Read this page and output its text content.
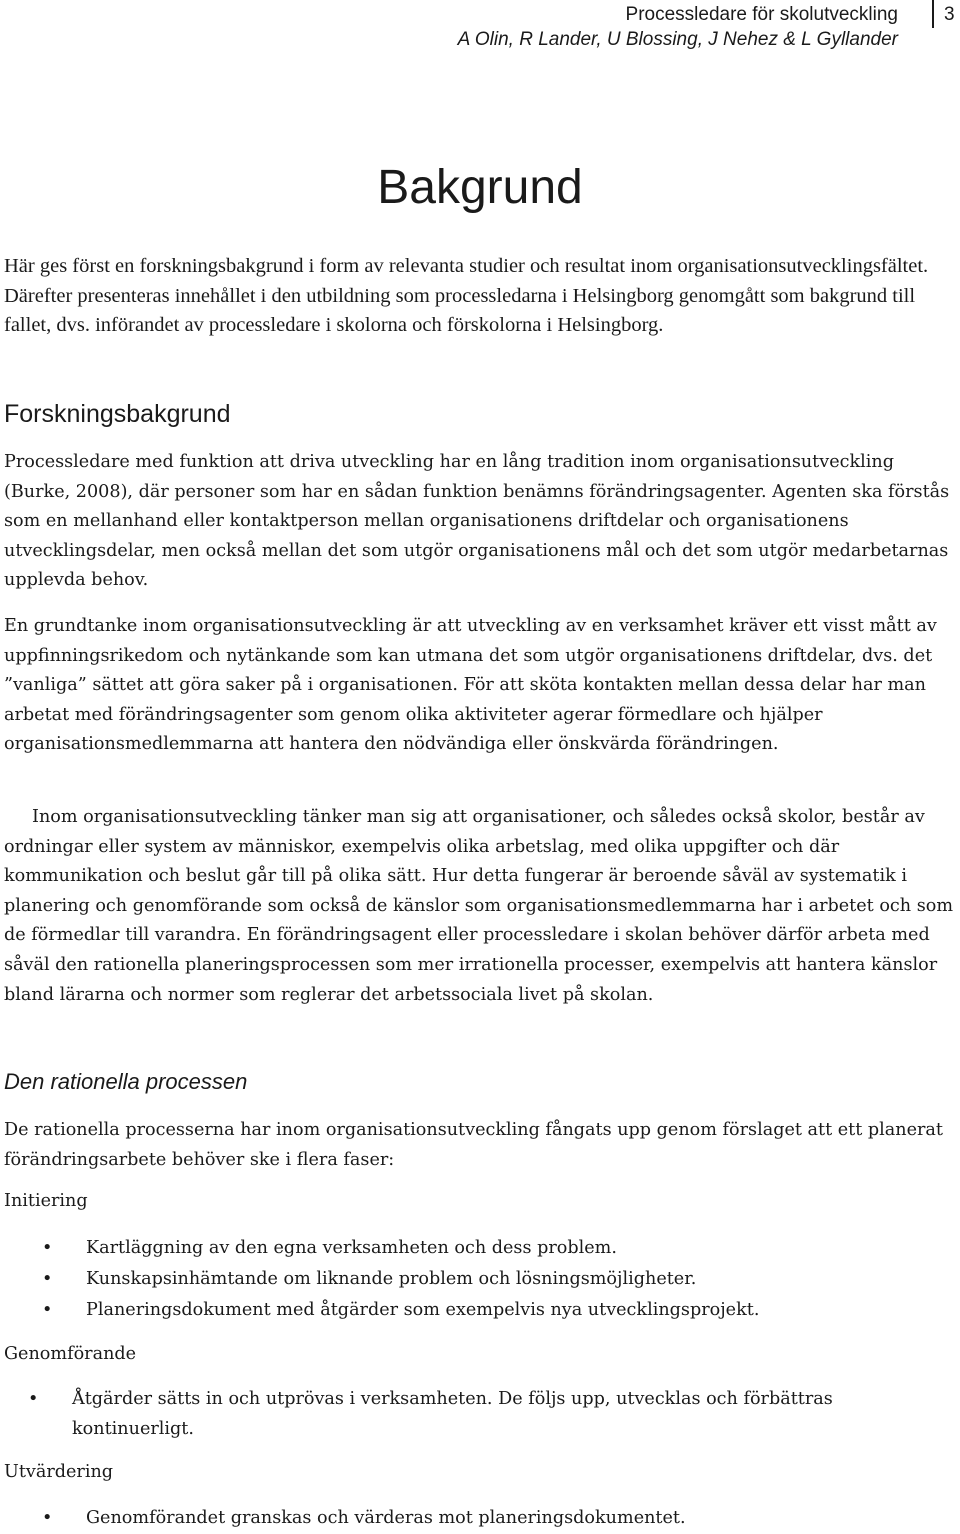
Processledare för skolutveckling
A Olin, R Lander, U Blossing, J Nehez & L Gyllander
3
Bakgrund
Här ges först en forskningsbakgrund i form av relevanta studier och resultat inom organisationsutvecklingsfältet. Därefter presenteras innehållet i den utbildning som processledarna i Helsingborg genomgått som bakgrund till fallet, dvs. införandet av processledare i skolorna och förskolorna i Helsingborg.
Forskningsbakgrund
Processledare med funktion att driva utveckling har en lång tradition inom organisationsutveckling (Burke, 2008), där personer som har en sådan funktion benämns förändringsagenter. Agenten ska förstås som en mellanhand eller kontaktperson mellan organisationens driftdelar och organisationens utvecklingsdelar, men också mellan det som utgör organisationens mål och det som utgör medarbetarnas upplevda behov.
En grundtanke inom organisationsutveckling är att utveckling av en verksamhet kräver ett visst mått av uppfinningsrikedom och nytänkande som kan utmana det som utgör organisationens driftdelar, dvs. det ”vanliga” sättet att göra saker på i organisationen. För att sköta kontakten mellan dessa delar har man arbetat med förändringsagenter som genom olika aktiviteter agerar förmedlare och hjälper organisationsmedlemmarna att hantera den nödvändiga eller önskvärda förändringen.
Inom organisationsutveckling tänker man sig att organisationer, och således också skolor, består av ordningar eller system av människor, exempelvis olika arbetslag, med olika uppgifter och där kommunikation och beslut går till på olika sätt. Hur detta fungerar är beroende såväl av systematik i planering och genomförande som också de känslor som organisationsmedlemmarna har i arbetet och som de förmedlar till varandra. En förändringsagent eller processledare i skolan behöver därför arbeta med såväl den rationella planeringsprocessen som mer irrationella processer, exempelvis att hantera känslor bland lärarna och normer som reglerar det arbetssociala livet på skolan.
Den rationella processen
De rationella processerna har inom organisationsutveckling fångats upp genom förslaget att ett planerat förändringsarbete behöver ske i flera faser:
Initiering
• Kartläggning av den egna verksamheten och dess problem.
• Kunskapsinhämtande om liknande problem och lösningsmöjligheter.
• Planeringsdokument med åtgärder som exempelvis nya utvecklingsprojekt.
Genomförande
• Åtgärder sätts in och utprövas i verksamheten. De följs upp, utvecklas och förbättras kontinuerligt.
Utvärdering
• Genomförandet granskas och värderas mot planeringsdokumentet.
